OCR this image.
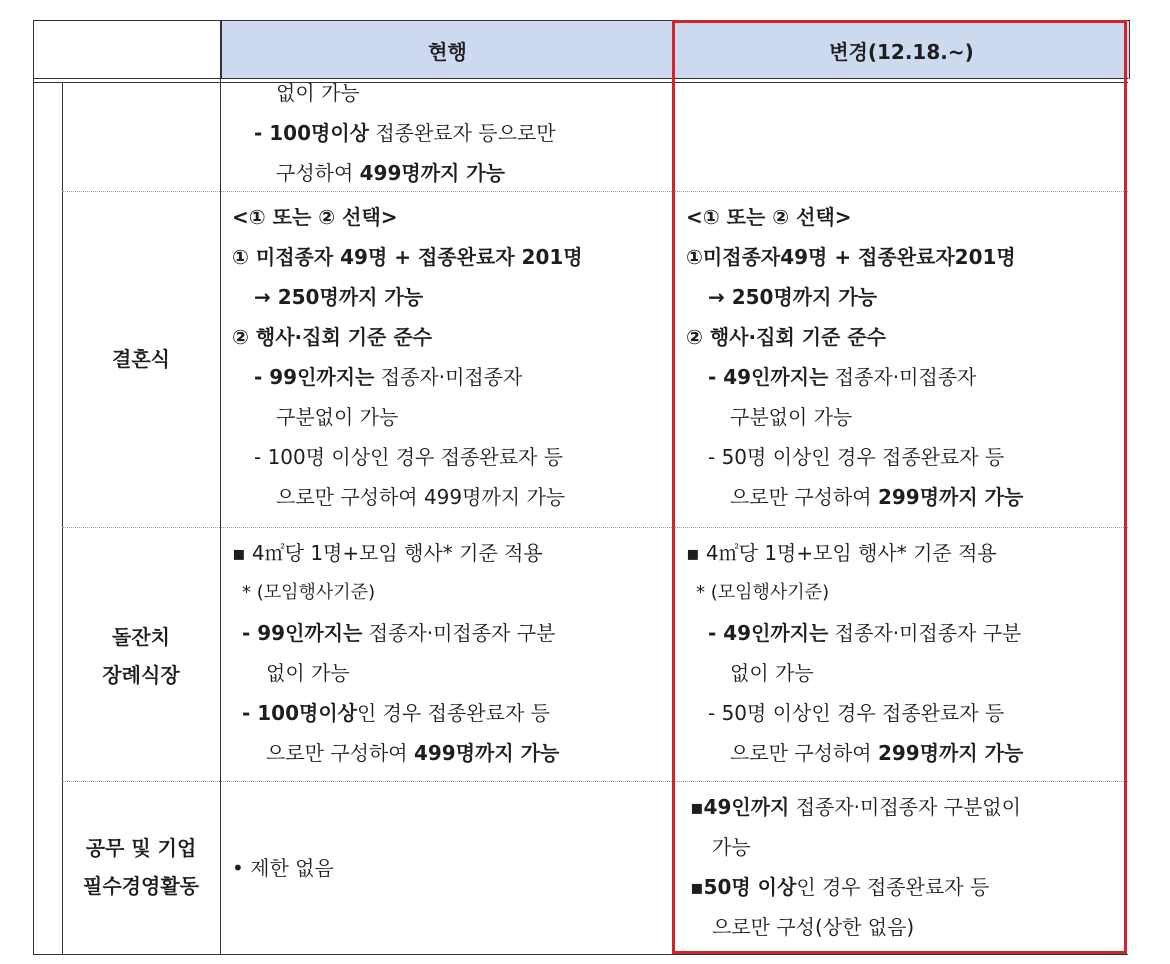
현행	변경(12.18.~)
없이 가능
- 100명이상 접종완료자 등으로만
구성하여 499명까지 가능
결혼식
<① 또는 ② 선택>
① 미접종자 49명 + 접종완료자 201명
→ 250명까지 가능
② 행사·집회 기준 준수
- 99인까지는 접종자·미접종자
구분없이 가능
- 100명 이상인 경우 접종완료자 등
으로만 구성하여 499명까지 가능
<① 또는 ② 선택>
①미접종자49명 + 접종완료자201명
→ 250명까지 가능
② 행사·집회 기준 준수
- 49인까지는 접종자·미접종자
구분없이 가능
- 50명 이상인 경우 접종완료자 등
으로만 구성하여 299명까지 가능
돌잔치
장례식장
▪ 4㎡당 1명+모임 행사* 기준 적용
* (모임행사기준)
- 99인까지는 접종자·미접종자 구분
없이 가능
- 100명이상인 경우 접종완료자 등
으로만 구성하여 499명까지 가능
▪ 4㎡당 1명+모임 행사* 기준 적용
* (모임행사기준)
- 49인까지는 접종자·미접종자 구분
없이 가능
- 50명 이상인 경우 접종완료자 등
으로만 구성하여 299명까지 가능
공무 및 기업
필수경영활동
• 제한 없음
▪49인까지 접종자·미접종자 구분없이
가능
▪50명 이상인 경우 접종완료자 등
으로만 구성(상한 없음)
